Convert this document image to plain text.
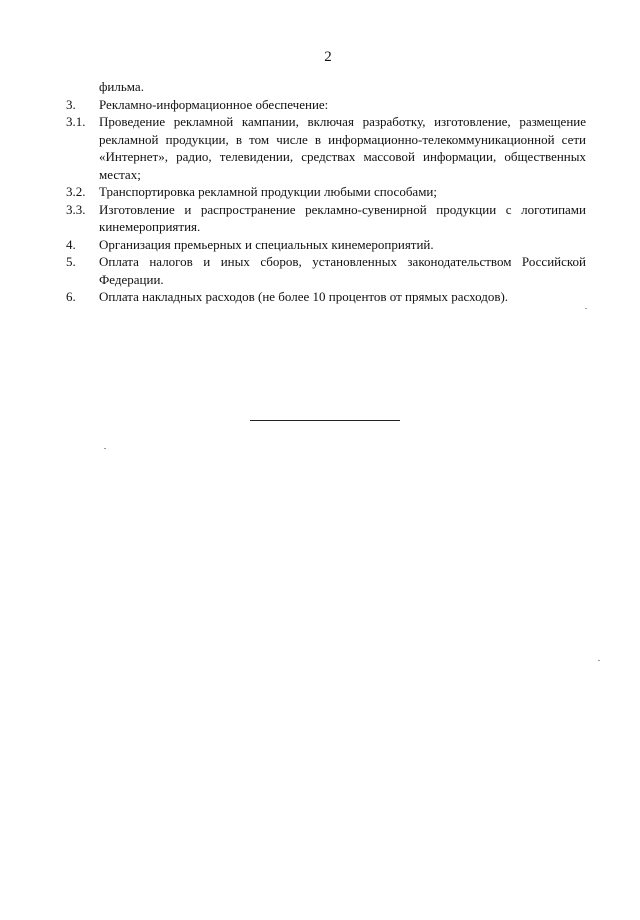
2
фильма.
3.	Рекламно-информационное обеспечение:
3.1.	Проведение рекламной кампании, включая разработку, изготовление, размещение рекламной продукции, в том числе в информационно-телекоммуникационной сети «Интернет», радио, телевидении, средствах массовой информации, общественных местах;
3.2.	Транспортировка рекламной продукции любыми способами;
3.3.	Изготовление и распространение рекламно-сувенирной продукции с логотипами кинемероприятия.
4.	Организация премьерных и специальных кинемероприятий.
5.	Оплата налогов и иных сборов, установленных законодательством Российской Федерации.
6.	Оплата накладных расходов (не более 10 процентов от прямых расходов).
